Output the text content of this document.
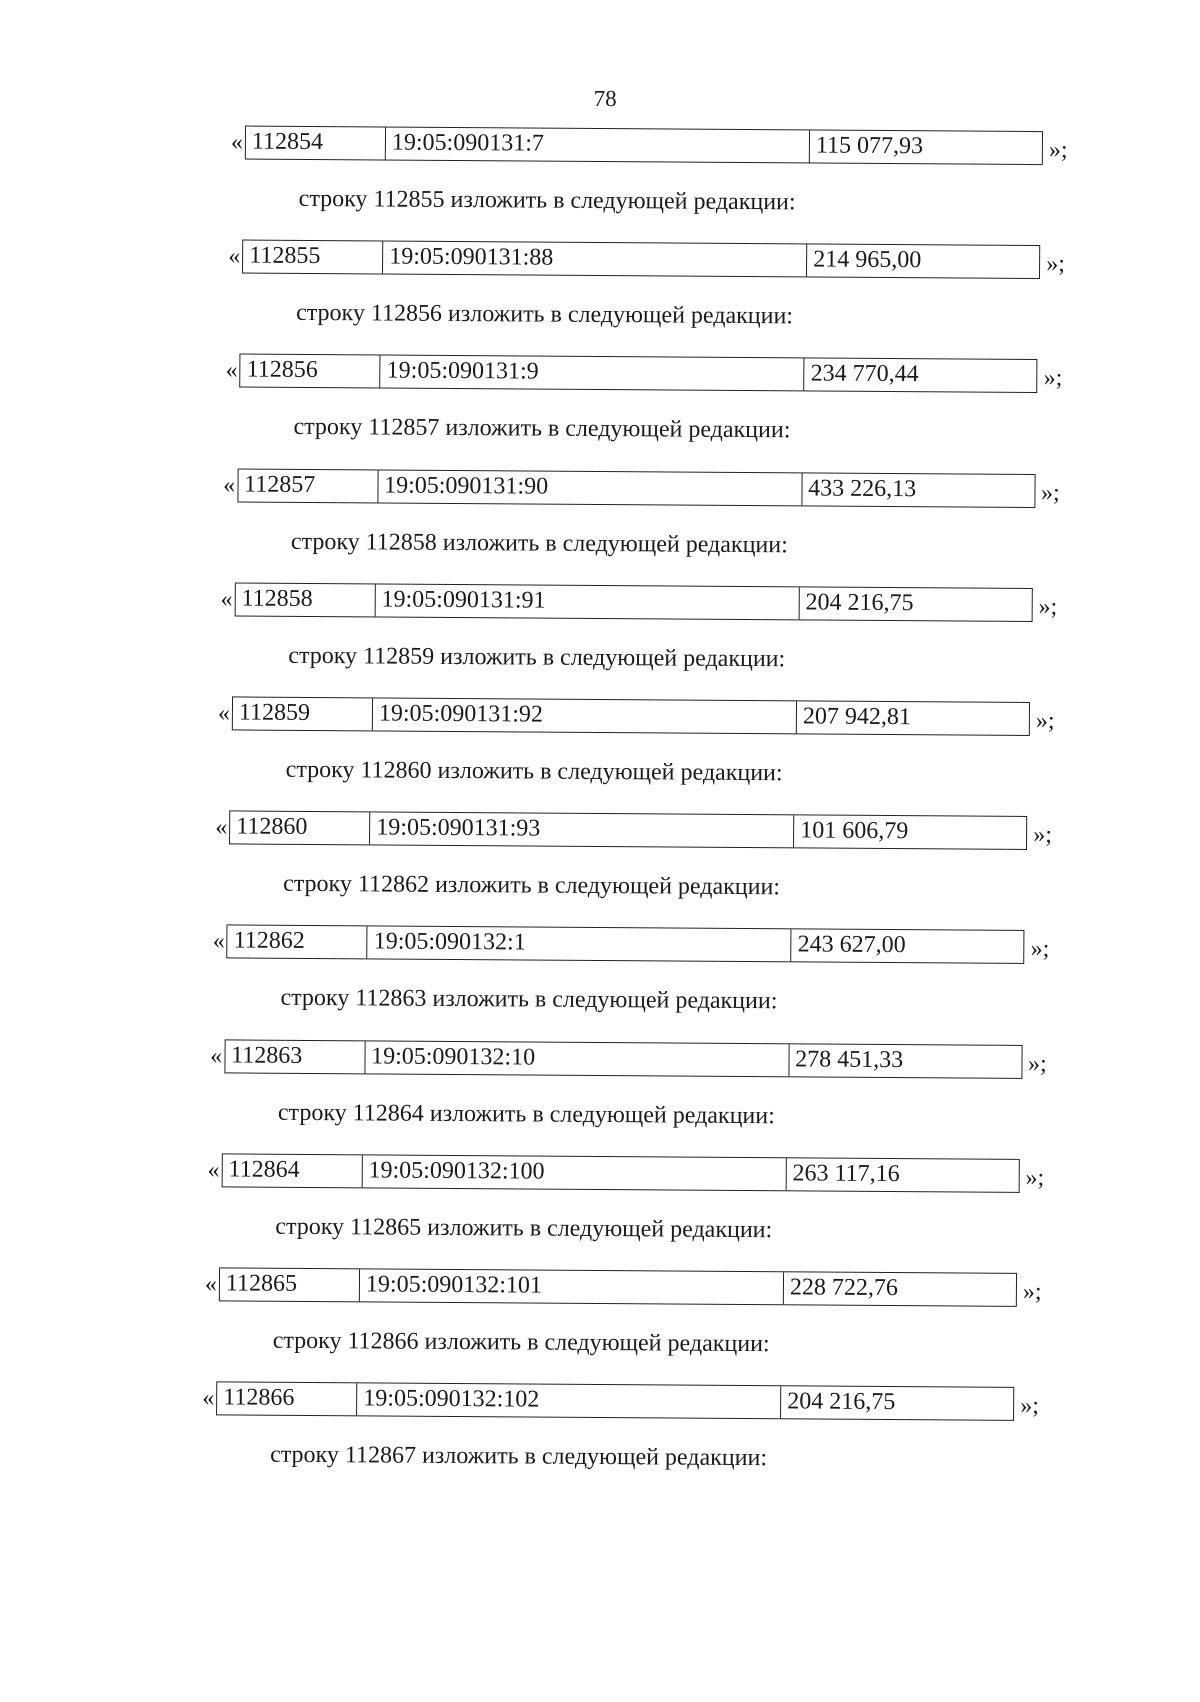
78
« 112854	19:05:090131:7	115 077,93	»;
строку 112855 изложить в следующей редакции:
« 112855	19:05:090131:88	214 965,00	»;
строку 112856 изложить в следующей редакции:
« 112856	19:05:090131:9	234 770,44	»;
строку 112857 изложить в следующей редакции:
« 112857	19:05:090131:90	433 226,13	»;
строку 112858 изложить в следующей редакции:
« 112858	19:05:090131:91	204 216,75	»;
строку 112859 изложить в следующей редакции:
« 112859	19:05:090131:92	207 942,81	»;
строку 112860 изложить в следующей редакции:
« 112860	19:05:090131:93	101 606,79	»;
строку 112862 изложить в следующей редакции:
« 112862	19:05:090132:1	243 627,00	»;
строку 112863 изложить в следующей редакции:
« 112863	19:05:090132:10	278 451,33	»;
строку 112864 изложить в следующей редакции:
« 112864	19:05:090132:100	263 117,16	»;
строку 112865 изложить в следующей редакции:
« 112865	19:05:090132:101	228 722,76	»;
строку 112866 изложить в следующей редакции:
« 112866	19:05:090132:102	204 216,75	»;
строку 112867 изложить в следующей редакции:
